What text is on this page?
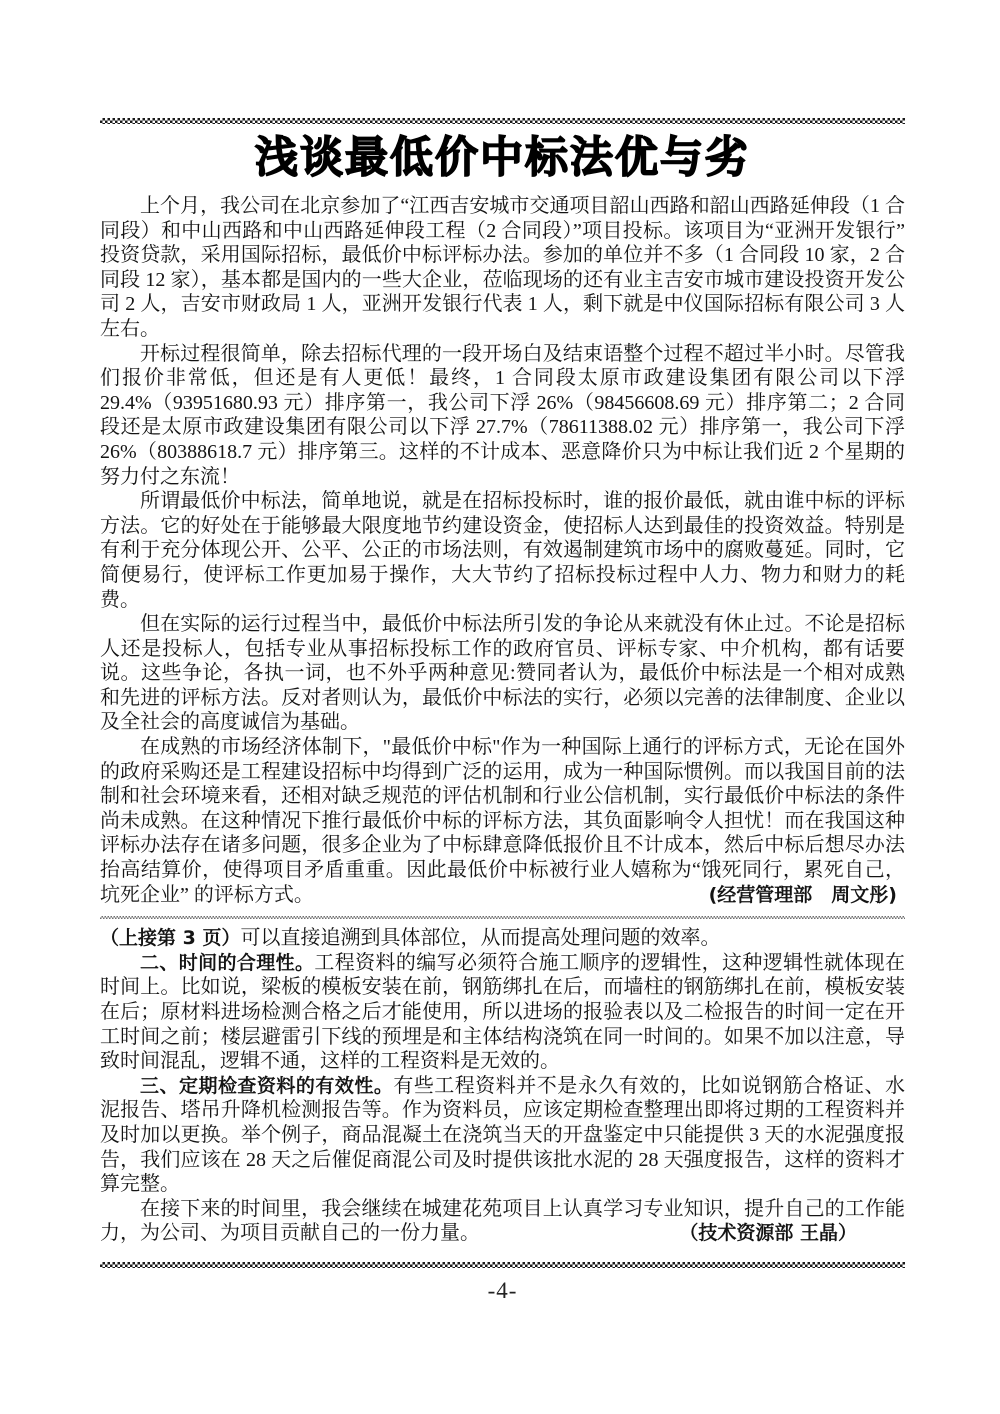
浅谈最低价中标法优与劣

上个月，我公司在北京参加了“江西吉安城市交通项目韶山西路和韶山西路延伸段（1 合同段）和中山西路和中山西路延伸段工程（2 合同段）”项目投标。该项目为“亚洲开发银行”投资贷款，采用国际招标，最低价中标评标办法。参加的单位并不多（1 合同段 10 家，2 合同段 12 家），基本都是国内的一些大企业，莅临现场的还有业主吉安市城市建设投资开发公司 2 人，吉安市财政局 1 人，亚洲开发银行代表 1 人，剩下就是中仪国际招标有限公司 3 人左右。

开标过程很简单，除去招标代理的一段开场白及结束语整个过程不超过半小时。尽管我们报价非常低，但还是有人更低！最终，1 合同段太原市政建设集团有限公司以下浮 29.4%（93951680.93 元）排序第一，我公司下浮 26%（98456608.69 元）排序第二；2 合同段还是太原市政建设集团有限公司以下浮 27.7%（78611388.02 元）排序第一，我公司下浮 26%（80388618.7 元）排序第三。这样的不计成本、恶意降价只为中标让我们近 2 个星期的努力付之东流！

所谓最低价中标法，简单地说，就是在招标投标时，谁的报价最低，就由谁中标的评标方法。它的好处在于能够最大限度地节约建设资金，使招标人达到最佳的投资效益。特别是有利于充分体现公开、公平、公正的市场法则，有效遏制建筑市场中的腐败蔓延。同时，它简便易行，使评标工作更加易于操作，大大节约了招标投标过程中人力、物力和财力的耗费。

但在实际的运行过程当中，最低价中标法所引发的争论从来就没有休止过。不论是招标人还是投标人，包括专业从事招标投标工作的政府官员、评标专家、中介机构，都有话要说。这些争论，各执一词，也不外乎两种意见:赞同者认为，最低价中标法是一个相对成熟和先进的评标方法。反对者则认为，最低价中标法的实行，必须以完善的法律制度、企业以及全社会的高度诚信为基础。

在成熟的市场经济体制下，"最低价中标"作为一种国际上通行的评标方式，无论在国外的政府采购还是工程建设招标中均得到广泛的运用，成为一种国际惯例。而以我国目前的法制和社会环境来看，还相对缺乏规范的评估机制和行业公信机制，实行最低价中标法的条件尚未成熟。在这种情况下推行最低价中标的评标方法，其负面影响令人担忧！而在我国这种评标办法存在诸多问题，很多企业为了中标肆意降低报价且不计成本，然后中标后想尽办法抬高结算价，使得项目矛盾重重。因此最低价中标被行业人嬉称为“饿死同行，累死自己，坑死企业” 的评标方式。	(经营管理部　周文彤)

（上接第 3 页）可以直接追溯到具体部位，从而提高处理问题的效率。

二、时间的合理性。工程资料的编写必须符合施工顺序的逻辑性，这种逻辑性就体现在时间上。比如说，梁板的模板安装在前，钢筋绑扎在后，而墙柱的钢筋绑扎在前，模板安装在后；原材料进场检测合格之后才能使用，所以进场的报验表以及二检报告的时间一定在开工时间之前；楼层避雷引下线的预埋是和主体结构浇筑在同一时间的。如果不加以注意，导致时间混乱，逻辑不通，这样的工程资料是无效的。

三、定期检查资料的有效性。有些工程资料并不是永久有效的，比如说钢筋合格证、水泥报告、塔吊升降机检测报告等。作为资料员，应该定期检查整理出即将过期的工程资料并及时加以更换。举个例子，商品混凝土在浇筑当天的开盘鉴定中只能提供 3 天的水泥强度报告，我们应该在 28 天之后催促商混公司及时提供该批水泥的 28 天强度报告，这样的资料才算完整。

在接下来的时间里，我会继续在城建花苑项目上认真学习专业知识，提升自己的工作能力，为公司、为项目贡献自己的一份力量。	（技术资源部 王晶）

-4-
